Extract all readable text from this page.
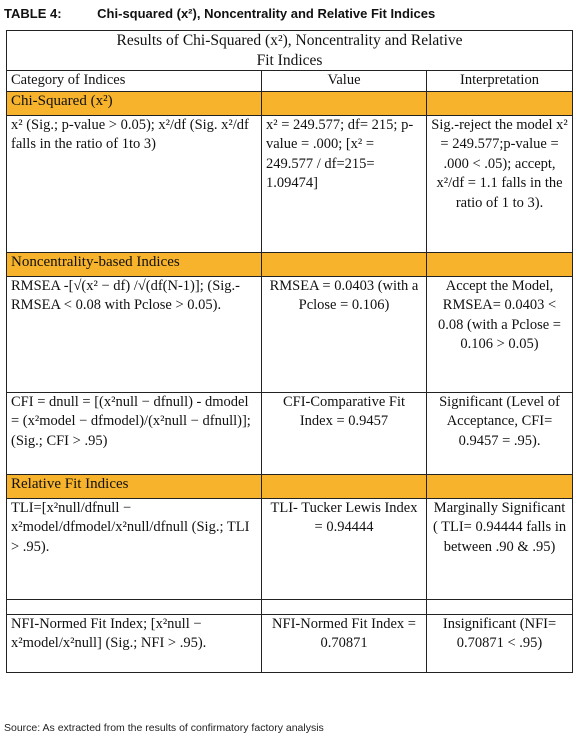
TABLE 4:	Chi-squared (x²), Noncentrality and Relative Fit Indices
Results of Chi-Squared (x²), Noncentrality and Relative Fit Indices		
Category of Indices	Value	Interpretation
Chi-Squared (x²)		
x² (Sig.; p-value > 0.05); x²/df (Sig. x²/df falls in the ratio of 1to 3)	x² = 249.577; df= 215; p-value = .000; [x² = 249.577 / df=215= 1.09474]	Sig.-reject the model x² = 249.577;p-value = .000 < .05); accept, x²/df = 1.1 falls in the ratio of 1 to 3).
Noncentrality-based Indices		
RMSEA -[√(x² − df) /√(df(N-1)]; (Sig.-RMSEA < 0.08 with Pclose > 0.05).	RMSEA = 0.0403 (with a Pclose = 0.106)	Accept the Model, RMSEA= 0.0403 < 0.08 (with a Pclose = 0.106 > 0.05)
CFI = dnull = [(x²null − dfnull) - dmodel = (x²model − dfmodel)/(x²null − dfnull)]; (Sig.; CFI > .95)	CFI-Comparative Fit Index = 0.9457	Significant (Level of Acceptance, CFI= 0.9457 = .95).
Relative Fit Indices		
TLI=[x²null/dfnull − x²model/dfmodel/x²null/dfnull (Sig.; TLI > .95).	TLI- Tucker Lewis Index = 0.94444	Marginally Significant ( TLI= 0.94444 falls in between .90 & .95)

NFI-Normed Fit Index; [x²null − x²model/x²null] (Sig.; NFI > .95).	NFI-Normed Fit Index = 0.70871	Insignificant (NFI= 0.70871 < .95)
Source: As extracted from the results of confirmatory factory analysis
